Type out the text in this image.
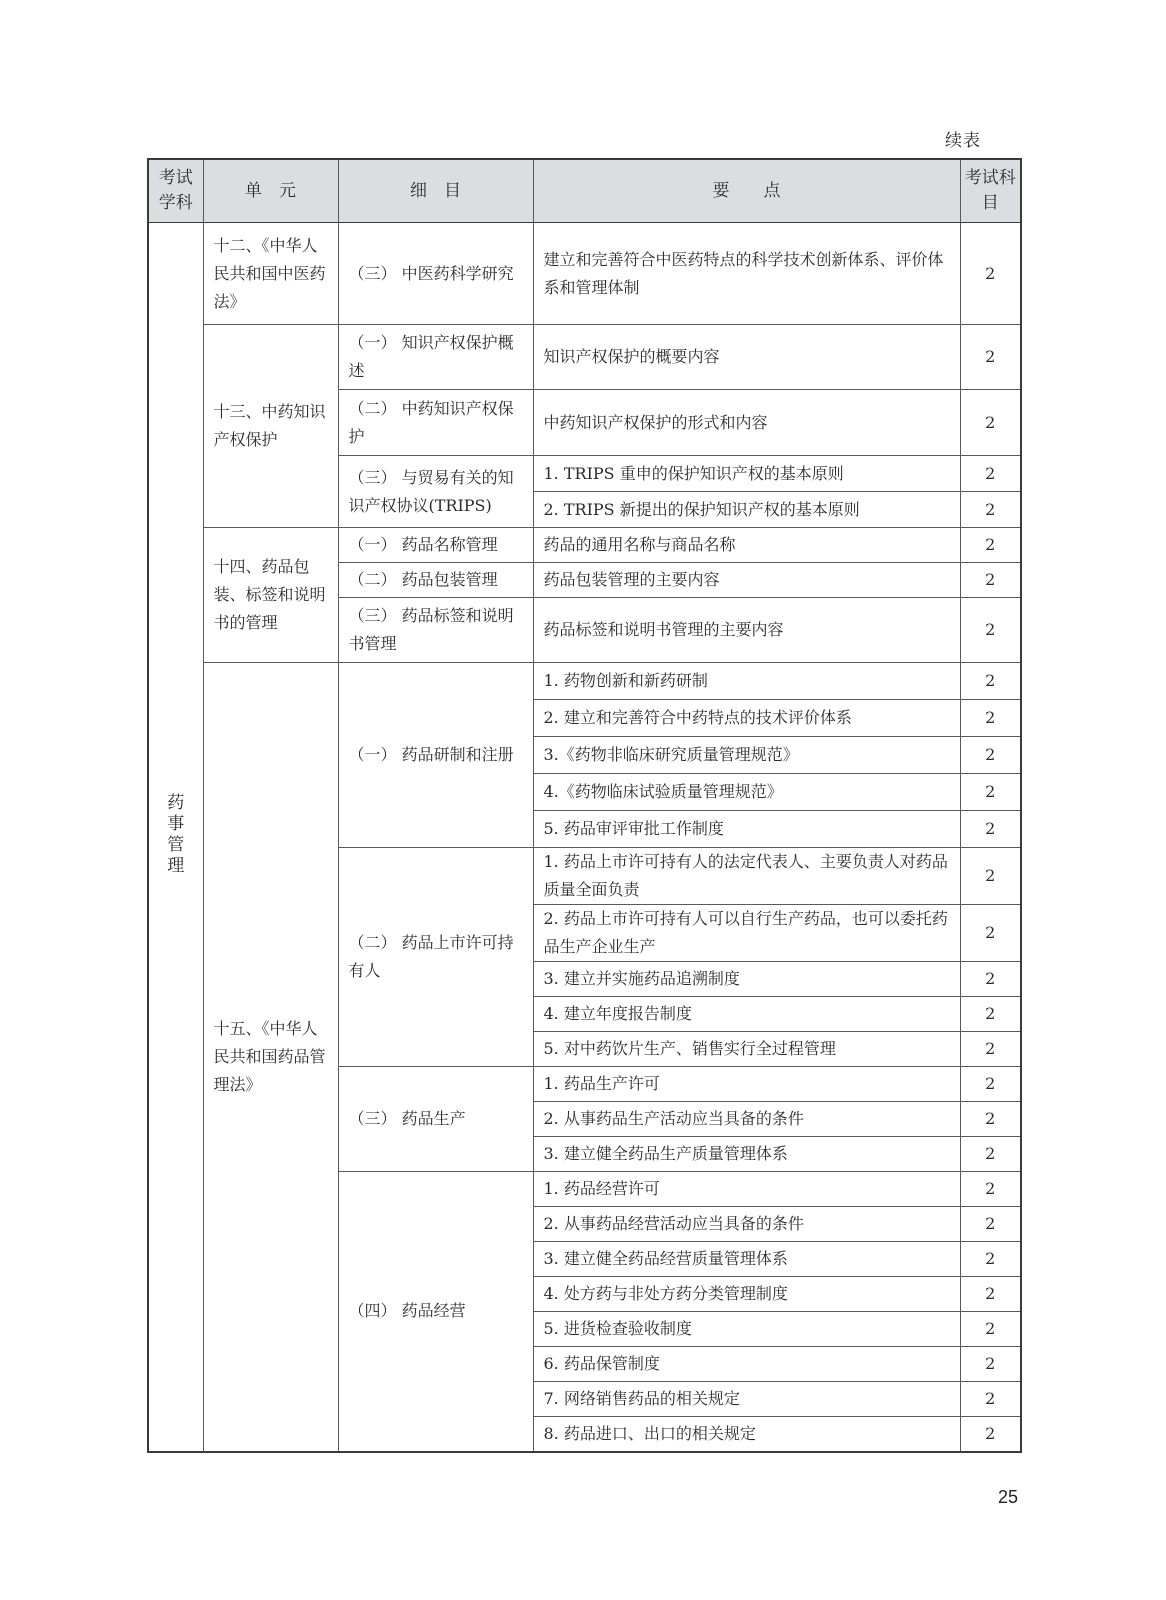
续表
考试学科	单　元	细　目	要　　点	考试科目
药事管理	十二、《中华人民共和国中医药法》	（三） 中医药科学研究	建立和完善符合中医药特点的科学技术创新体系、评价体系和管理体制	2
	十三、中药知识产权保护	（一） 知识产权保护概述	知识产权保护的概要内容	2
		（二） 中药知识产权保护	中药知识产权保护的形式和内容	2
		（三） 与贸易有关的知识产权协议(TRIPS)	1. TRIPS 重申的保护知识产权的基本原则	2
			2. TRIPS 新提出的保护知识产权的基本原则	2
	十四、药品包装、标签和说明书的管理	（一） 药品名称管理	药品的通用名称与商品名称	2
		（二） 药品包装管理	药品包装管理的主要内容	2
		（三） 药品标签和说明书管理	药品标签和说明书管理的主要内容	2
	十五、《中华人民共和国药品管理法》	（一） 药品研制和注册	1. 药物创新和新药研制	2
			2. 建立和完善符合中药特点的技术评价体系	2
			3.《药物非临床研究质量管理规范》	2
			4.《药物临床试验质量管理规范》	2
			5. 药品审评审批工作制度	2
		（二） 药品上市许可持有人	1. 药品上市许可持有人的法定代表人、主要负责人对药品质量全面负责	2
			2. 药品上市许可持有人可以自行生产药品，也可以委托药品生产企业生产	2
			3. 建立并实施药品追溯制度	2
			4. 建立年度报告制度	2
			5. 对中药饮片生产、销售实行全过程管理	2
		（三） 药品生产	1. 药品生产许可	2
			2. 从事药品生产活动应当具备的条件	2
			3. 建立健全药品生产质量管理体系	2
		（四） 药品经营	1. 药品经营许可	2
			2. 从事药品经营活动应当具备的条件	2
			3. 建立健全药品经营质量管理体系	2
			4. 处方药与非处方药分类管理制度	2
			5. 进货检查验收制度	2
			6. 药品保管制度	2
			7. 网络销售药品的相关规定	2
			8. 药品进口、出口的相关规定	2
25
